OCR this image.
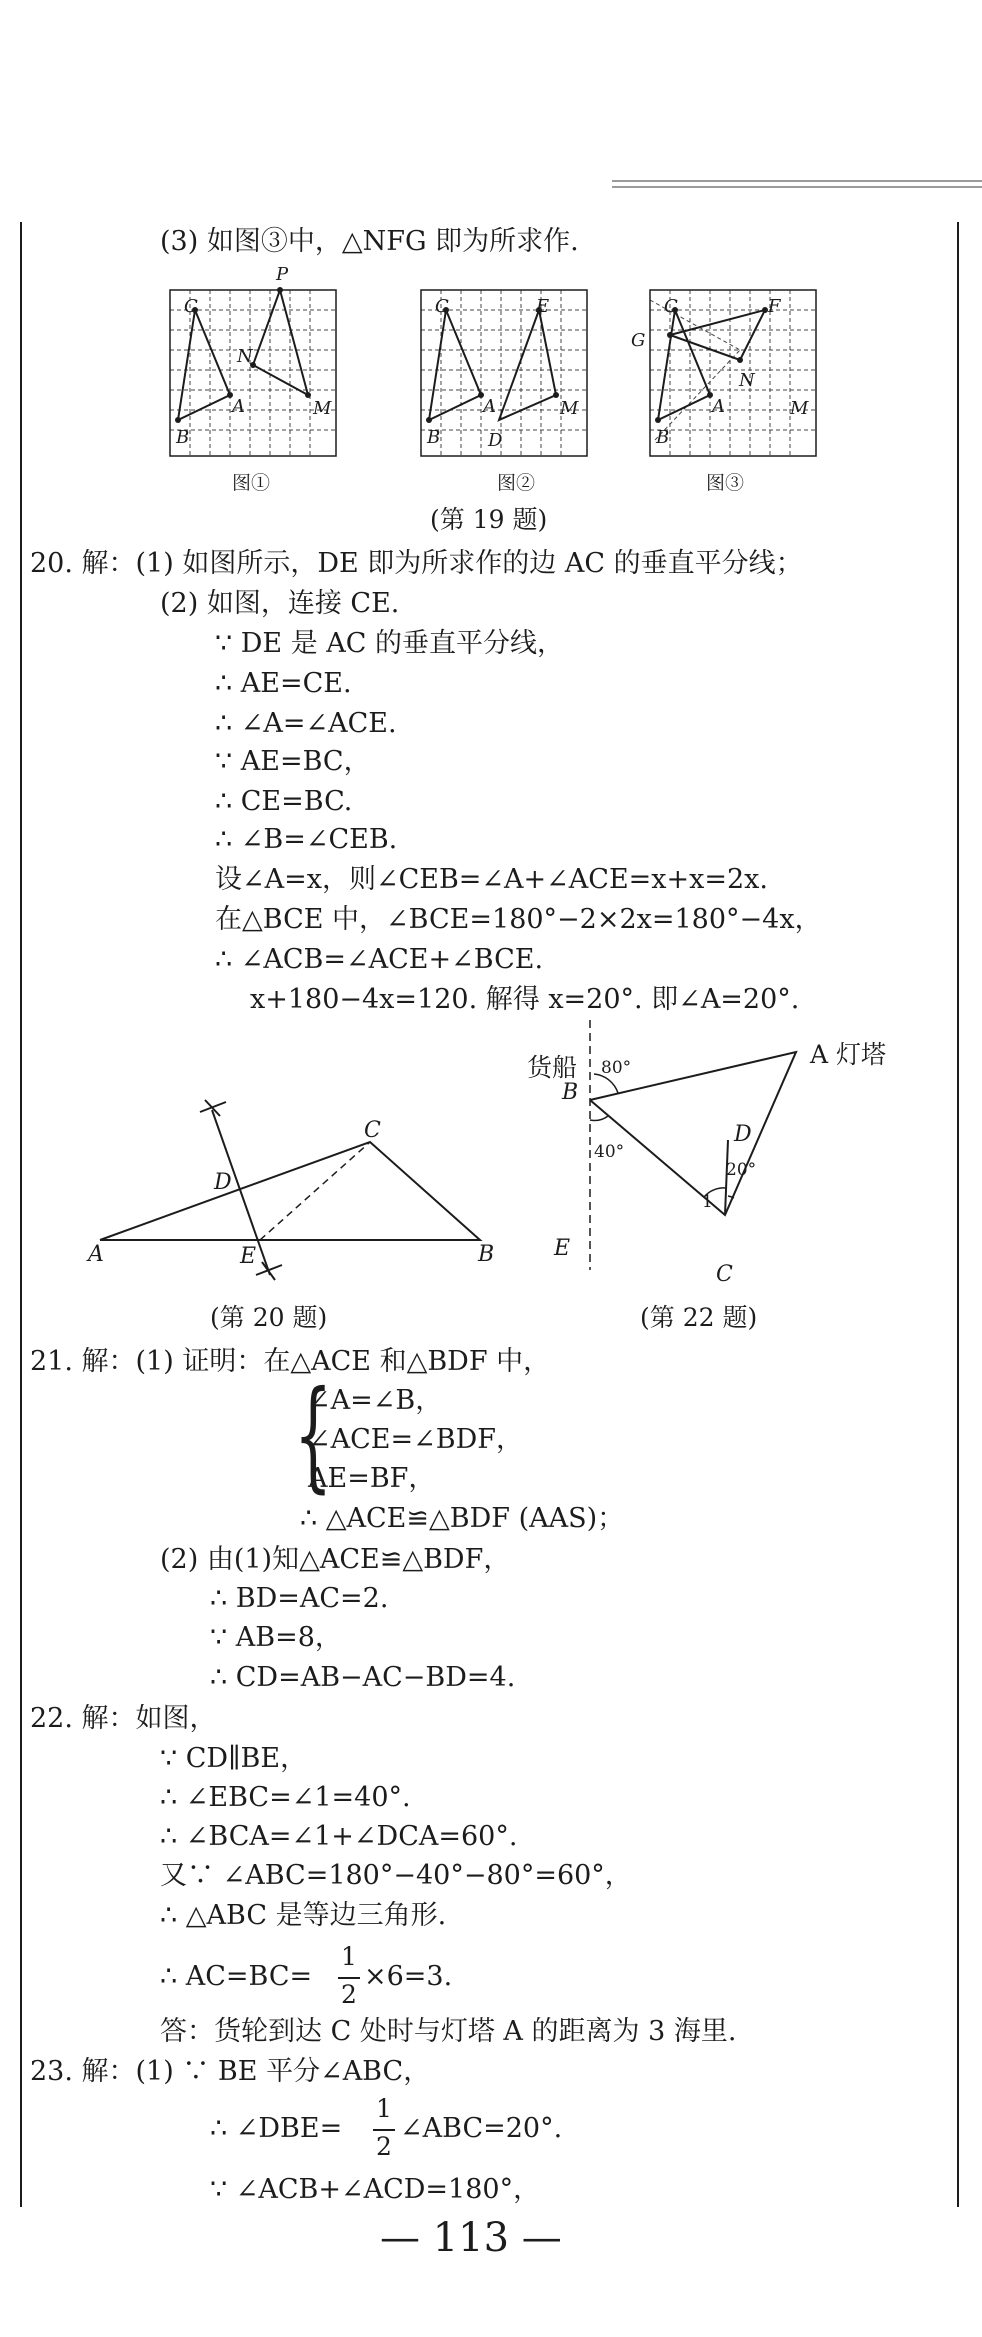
(3) 如图③中，△NFG 即为所求作.
C
P
N
A
B
M
图①
C	E
A
B	D
M
图②
C	F
G
N
A
B
M
图③
(第 19 题)
20. 解：(1) 如图所示，DE 即为所求作的边 AC 的垂直平分线；
(2) 如图，连接 CE.
∵ DE 是 AC 的垂直平分线，
∴ AE=CE.
∴ ∠A=∠ACE.
∵ AE=BC，
∴ CE=BC.
∴ ∠B=∠CEB.
设∠A=x，则∠CEB=∠A+∠ACE=x+x=2x.
在△BCE 中，∠BCE=180°−2×2x=180°−4x，
∴ ∠ACB=∠ACE+∠BCE.
x+180−4x=120. 解得 x=20°. 即∠A=20°.
A	B
C
D
E
(第 20 题)
货船	A 灯塔
B
C
D
E
1
80°
40°
20°
(第 22 题)
21. 解：(1) 证明：在△ACE 和△BDF 中，
{
∠A=∠B，
∠ACE=∠BDF，
AE=BF，
∴ △ACE≌△BDF (AAS)；
(2) 由(1)知△ACE≌△BDF，
∴ BD=AC=2.
∵ AB=8，
∴ CD=AB−AC−BD=4.
22. 解：如图，
∵ CD∥BE，
∴ ∠EBC=∠1=40°.
∴ ∠BCA=∠1+∠DCA=60°.
又∵ ∠ABC=180°−40°−80°=60°，
∴ △ABC 是等边三角形.
∴ AC=BC=
1
2
×6=3.
答：货轮到达 C 处时与灯塔 A 的距离为 3 海里.
23. 解：(1) ∵ BE 平分∠ABC，
∴ ∠DBE=
1
2
∠ABC=20°.
∵ ∠ACB+∠ACD=180°，
— 113 —
